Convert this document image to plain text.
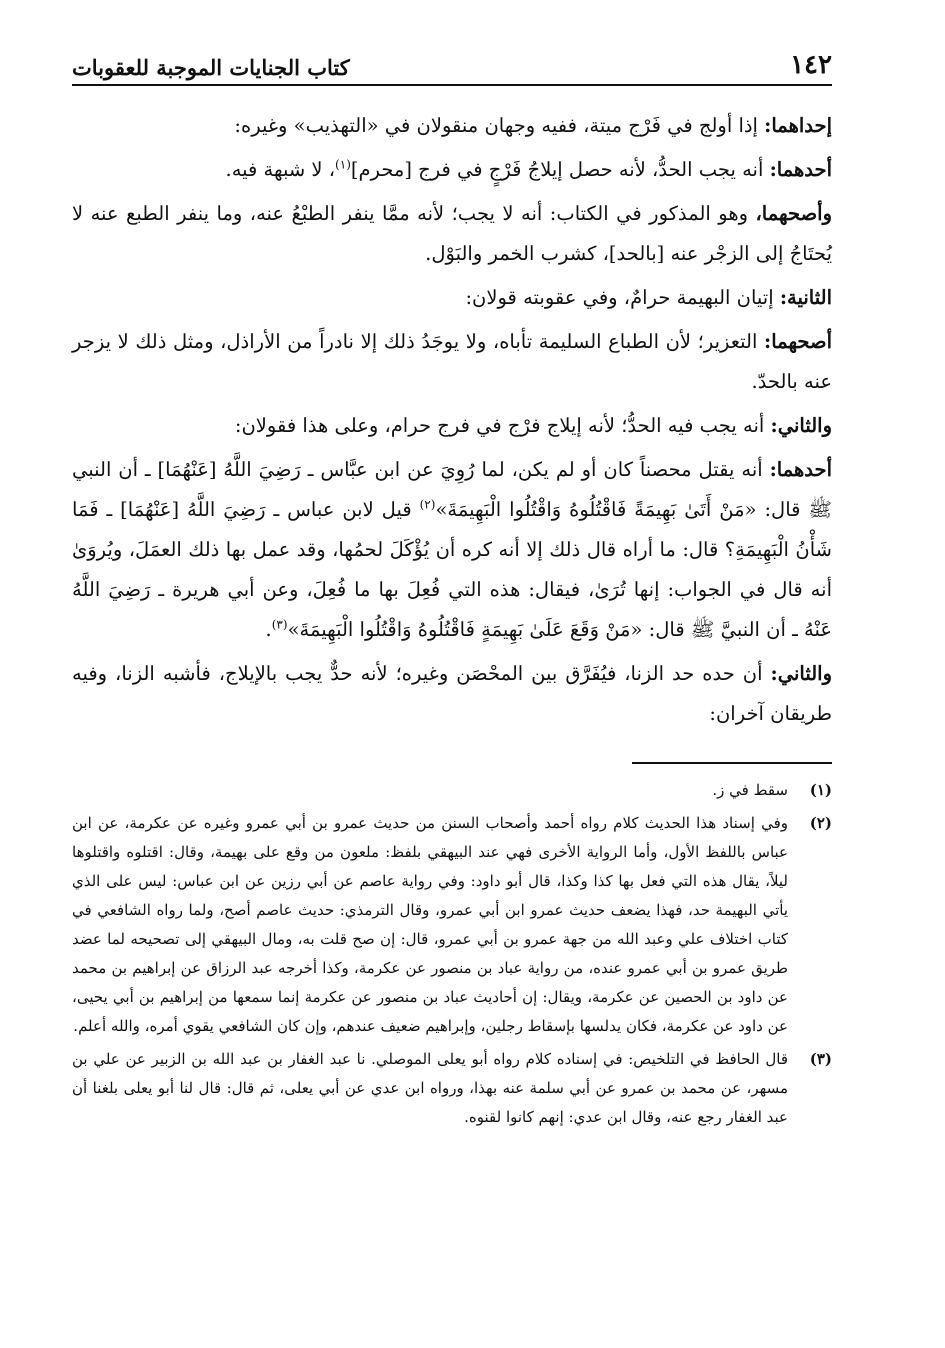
١٤٢
كتاب الجنايات الموجبة للعقوبات

إحداهما: إذا أولج في فَرْج ميتة، ففيه وجهان منقولان في «التهذيب» وغيره:

أحدهما: أنه يجب الحدُّ، لأنه حصل إيلاجُ فَرْجٍ في فرج [محرم]$^{(١)}$، لا شبهة فيه.

وأصحهما، وهو المذكور في الكتاب: أنه لا يجب؛ لأنه ممَّا ينفر الطبْعُ عنه، وما ينفر الطبع عنه لا يُحتَاجُ إلى الزجْر عنه [بالحد]، كشرب الخمر والبَوْل.

الثانية: إتيان البهيمة حرامٌ، وفي عقوبته قولان:

أصحهما: التعزير؛ لأن الطباع السليمة تأباه، ولا يوجَدُ ذلك إلا نادراً من الأراذل، ومثل ذلك لا يزجر عنه بالحدّ.

والثاني: أنه يجب فيه الحدُّ؛ لأنه إيلاج فرْج في فرج حرام، وعلى هذا فقولان:

أحدهما: أنه يقتل محصناً كان أو لم يكن، لما رُوِيَ عن ابن عبَّاس ـ رَضِيَ اللَّهُ [عَنْهُمَا] ـ أن النبي ﷺ قال: «مَنْ أَتَىٰ بَهِيمَةً فَاقْتُلُوهُ وَاقْتُلُوا الْبَهِيمَةَ»$^{(٢)}$ قيل لابن عباس ـ رَضِيَ اللَّهُ [عَنْهُمَا] ـ فَمَا شَأْنُ الْبَهِيمَةِ؟ قال: ما أراه قال ذلك إلا أنه كره أن يُؤْكَلَ لحمُها، وقد عمل بها ذلك العمَلَ، ويُروَىٰ أنه قال في الجواب: إنها تُرَىٰ، فيقال: هذه التي فُعِلَ بها ما فُعِلَ، وعن أبي هريرة ـ رَضِيَ اللَّهُ عَنْهُ ـ أن النبيَّ ﷺ قال: «مَنْ وَقَعَ عَلَىٰ بَهِيمَةٍ فَاقْتُلُوهُ وَاقْتُلُوا الْبَهِيمَةَ»$^{(٣)}$.

والثاني: أن حده حد الزنا، فيُفَرَّق بين المحْصَن وغيره؛ لأنه حدٌّ يجب بالإيلاج، فأشبه الزنا، وفيه طريقان آخران:

(١)
سقط في ز.
(٢)
وفي إسناد هذا الحديث كلام رواه أحمد وأصحاب السنن من حديث عمرو بن أبي عمرو وغيره عن عكرمة، عن ابن عباس باللفظ الأول، وأما الرواية الأخرى فهي عند البيهقي بلفظ: ملعون من وقع على بهيمة، وقال: اقتلوه واقتلوها ليلاً، يقال هذه التي فعل بها كذا وكذا، قال أبو داود: وفي رواية عاصم عن أبي رزين عن ابن عباس: ليس على الذي يأتي البهيمة حد، فهذا يضعف حديث عمرو ابن أبي عمرو، وقال الترمذي: حديث عاصم أصح، ولما رواه الشافعي في كتاب اختلاف علي وعبد الله من جهة عمرو بن أبي عمرو، قال: إن صح قلت به، ومال البيهقي إلى تصحيحه لما عضد طريق عمرو بن أبي عمرو عنده، من رواية عباد بن منصور عن عكرمة، وكذا أخرجه عبد الرزاق عن إبراهيم بن محمد عن داود بن الحصين عن عكرمة، ويقال: إن أحاديث عباد بن منصور عن عكرمة إنما سمعها من إبراهيم بن أبي يحيى، عن داود عن عكرمة، فكان يدلسها بإسقاط رجلين، وإبراهيم ضعيف عندهم، وإن كان الشافعي يقوي أمره، والله أعلم.
(٣)
قال الحافظ في التلخيص: في إسناده كلام رواه أبو يعلى الموصلي. نا عبد الغفار بن عبد الله بن الزبير عن علي بن مسهر، عن محمد بن عمرو عن أبي سلمة عنه بهذا، ورواه ابن عدي عن أبي يعلى، ثم قال: قال لنا أبو يعلى بلغنا أن عبد الغفار رجع عنه، وقال ابن عدي: إنهم كانوا لقنوه.
